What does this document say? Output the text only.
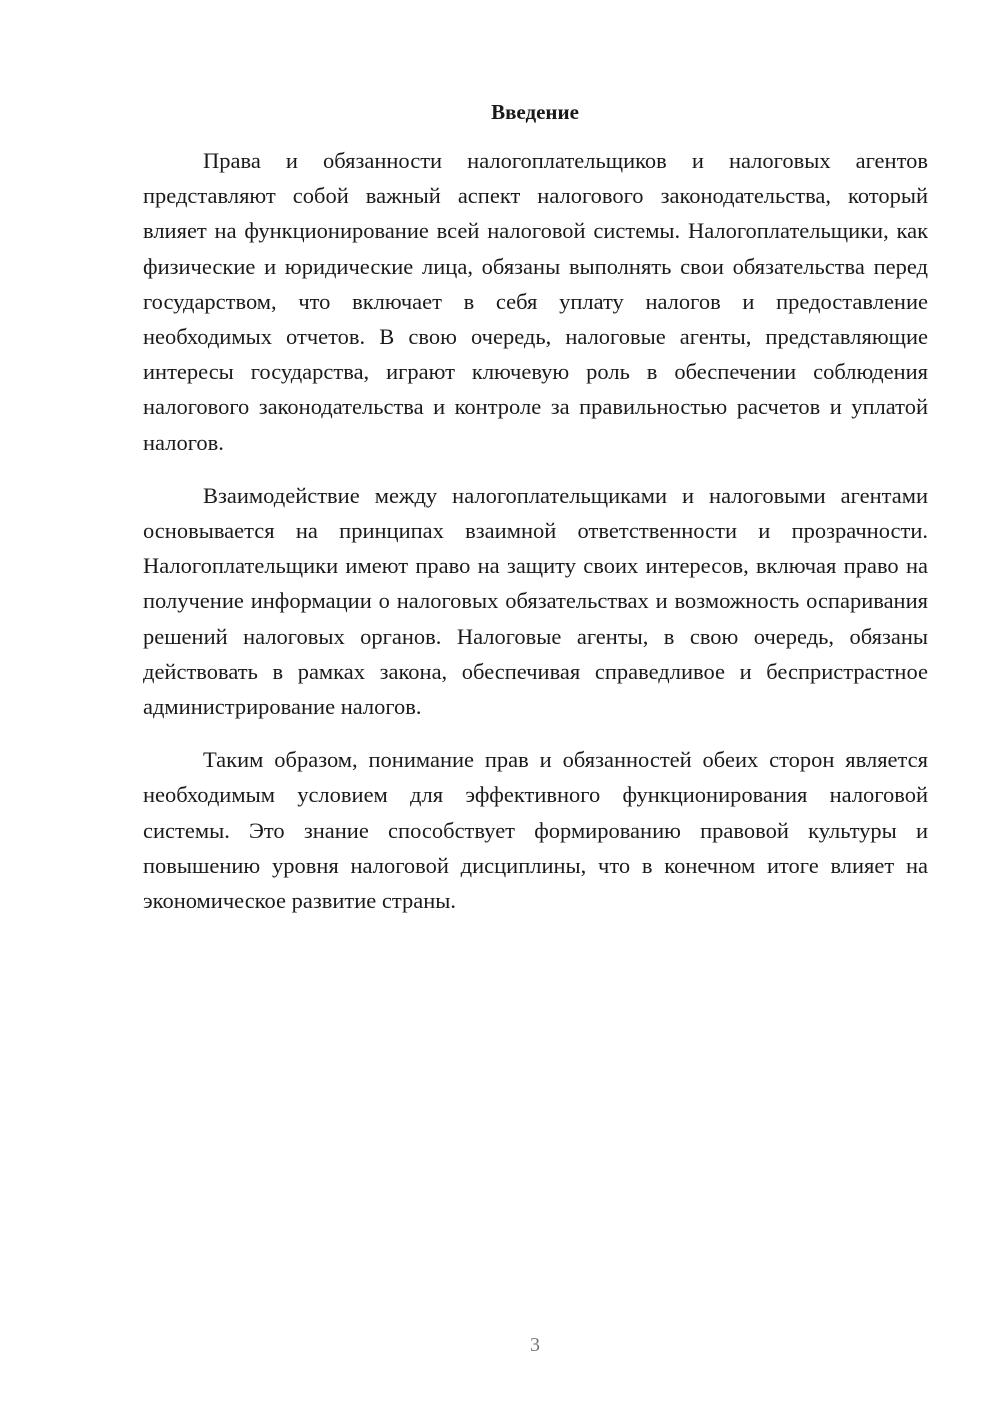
Введение

Права и обязанности налогоплательщиков и налоговых агентов представляют собой важный аспект налогового законодательства, который влияет на функционирование всей налоговой системы. Налогоплательщики, как физические и юридические лица, обязаны выполнять свои обязательства перед государством, что включает в себя уплату налогов и предоставление необходимых отчетов. В свою очередь, налоговые агенты, представляющие интересы государства, играют ключевую роль в обеспечении соблюдения налогового законодательства и контроле за правильностью расчетов и уплатой налогов.

Взаимодействие между налогоплательщиками и налоговыми агентами основывается на принципах взаимной ответственности и прозрачности. Налогоплательщики имеют право на защиту своих интересов, включая право на получение информации о налоговых обязательствах и возможность оспаривания решений налоговых органов. Налоговые агенты, в свою очередь, обязаны действовать в рамках закона, обеспечивая справедливое и беспристрастное администрирование налогов.

Таким образом, понимание прав и обязанностей обеих сторон является необходимым условием для эффективного функционирования налоговой системы. Это знание способствует формированию правовой культуры и повышению уровня налоговой дисциплины, что в конечном итоге влияет на экономическое развитие страны.

3
